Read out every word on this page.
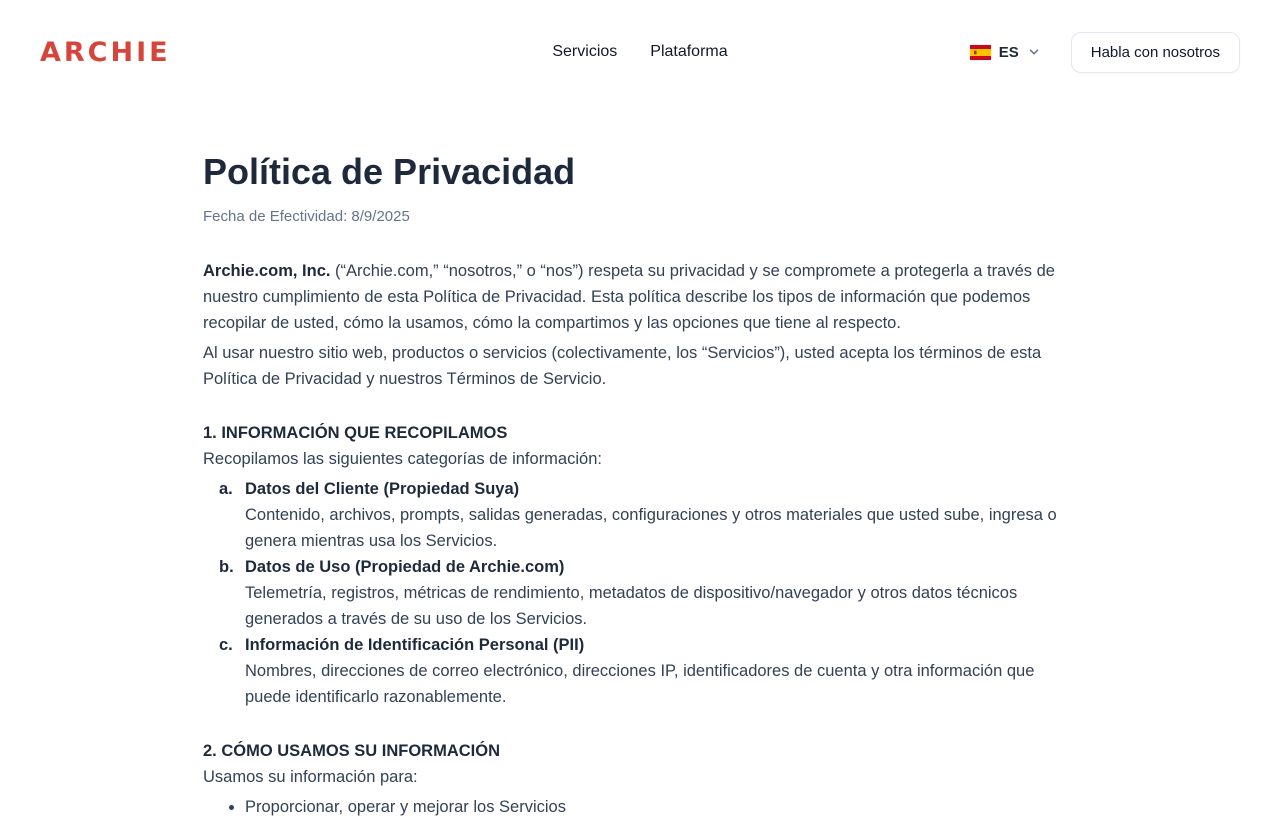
ARCHIE	Servicios Plataforma	ES	Habla con nosotros
Política de Privacidad

Fecha de Efectividad: 8/9/2025

Archie.com, Inc. (“Archie.com,” “nosotros,” o “nos”) respeta su privacidad y se compromete a protegerla a través de nuestro cumplimiento de esta Política de Privacidad. Esta política describe los tipos de información que podemos recopilar de usted, cómo la usamos, cómo la compartimos y las opciones que tiene al respecto.

Al usar nuestro sitio web, productos o servicios (colectivamente, los “Servicios”), usted acepta los términos de esta Política de Privacidad y nuestros Términos de Servicio.

1. INFORMACIÓN QUE RECOPILAMOS

Recopilamos las siguientes categorías de información:

a. Datos del Cliente (Propiedad Suya)
Contenido, archivos, prompts, salidas generadas, configuraciones y otros materiales que usted sube, ingresa o genera mientras usa los Servicios.
b. Datos de Uso (Propiedad de Archie.com)
Telemetría, registros, métricas de rendimiento, metadatos de dispositivo/navegador y otros datos técnicos generados a través de su uso de los Servicios.
c. Información de Identificación Personal (PII)
Nombres, direcciones de correo electrónico, direcciones IP, identificadores de cuenta y otra información que puede identificarlo razonablemente.
2. CÓMO USAMOS SU INFORMACIÓN

Usamos su información para:

• Proporcionar, operar y mejorar los Servicios
